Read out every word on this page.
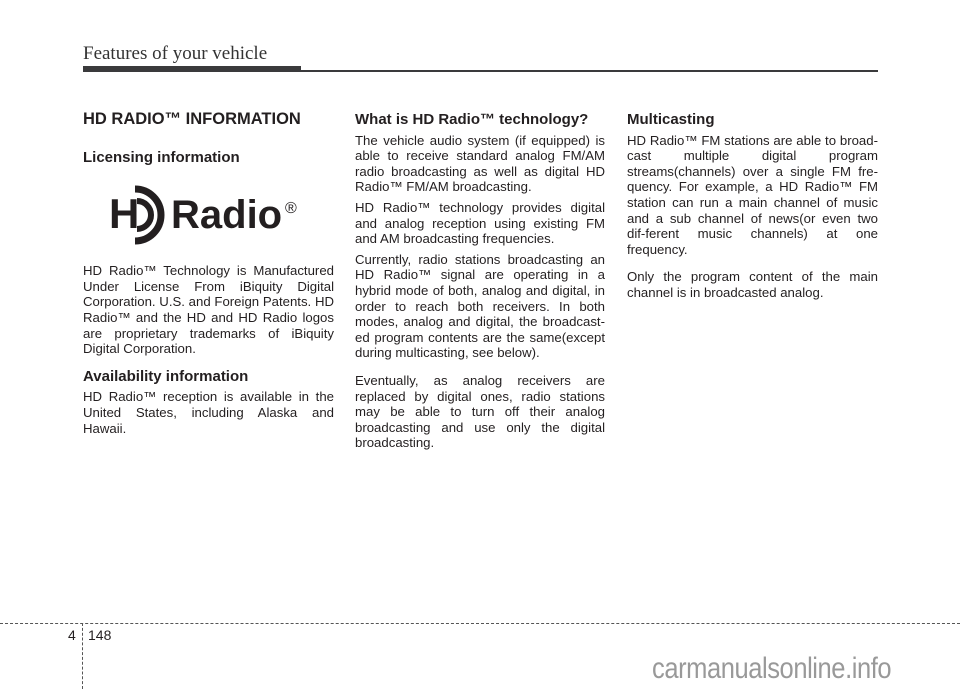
Features of your vehicle
HD RADIO™ INFORMATION
Licensing information
H Radio ®

HD Radio™ Technology is Manufactured Under License From iBiquity Digital Corporation. U.S. and Foreign Patents. HD Radio™ and the HD and HD Radio logos are proprietary trademarks of iBiquity Digital Corporation.

Availability information

HD Radio™ reception is available in the United States, including Alaska and Hawaii.

What is HD Radio™ technology?

The vehicle audio system (if equipped) is able to receive standard analog FM/AM radio broadcasting as well as digital HD Radio™ FM/AM broadcasting.

HD Radio™ technology provides digital and analog reception using existing FM and AM broadcasting frequencies.

Currently, radio stations broadcasting an HD Radio™ signal are operating in a hybrid mode of both, analog and digital, in order to reach both receivers. In both modes, analog and digital, the broadcast-ed program contents are the same(except during multicasting, see below).

Eventually, as analog receivers are replaced by digital ones, radio stations may be able to turn off their analog broadcasting and use only the digital broadcasting.

Multicasting

HD Radio™ FM stations are able to broad-cast multiple digital program streams(channels) over a single FM fre-quency. For example, a HD Radio™ FM station can run a main channel of music and a sub channel of news(or even two dif-ferent music channels) at one frequency.

Only the program content of the main channel is in broadcasted analog.

4 148
carmanualsonline.info
